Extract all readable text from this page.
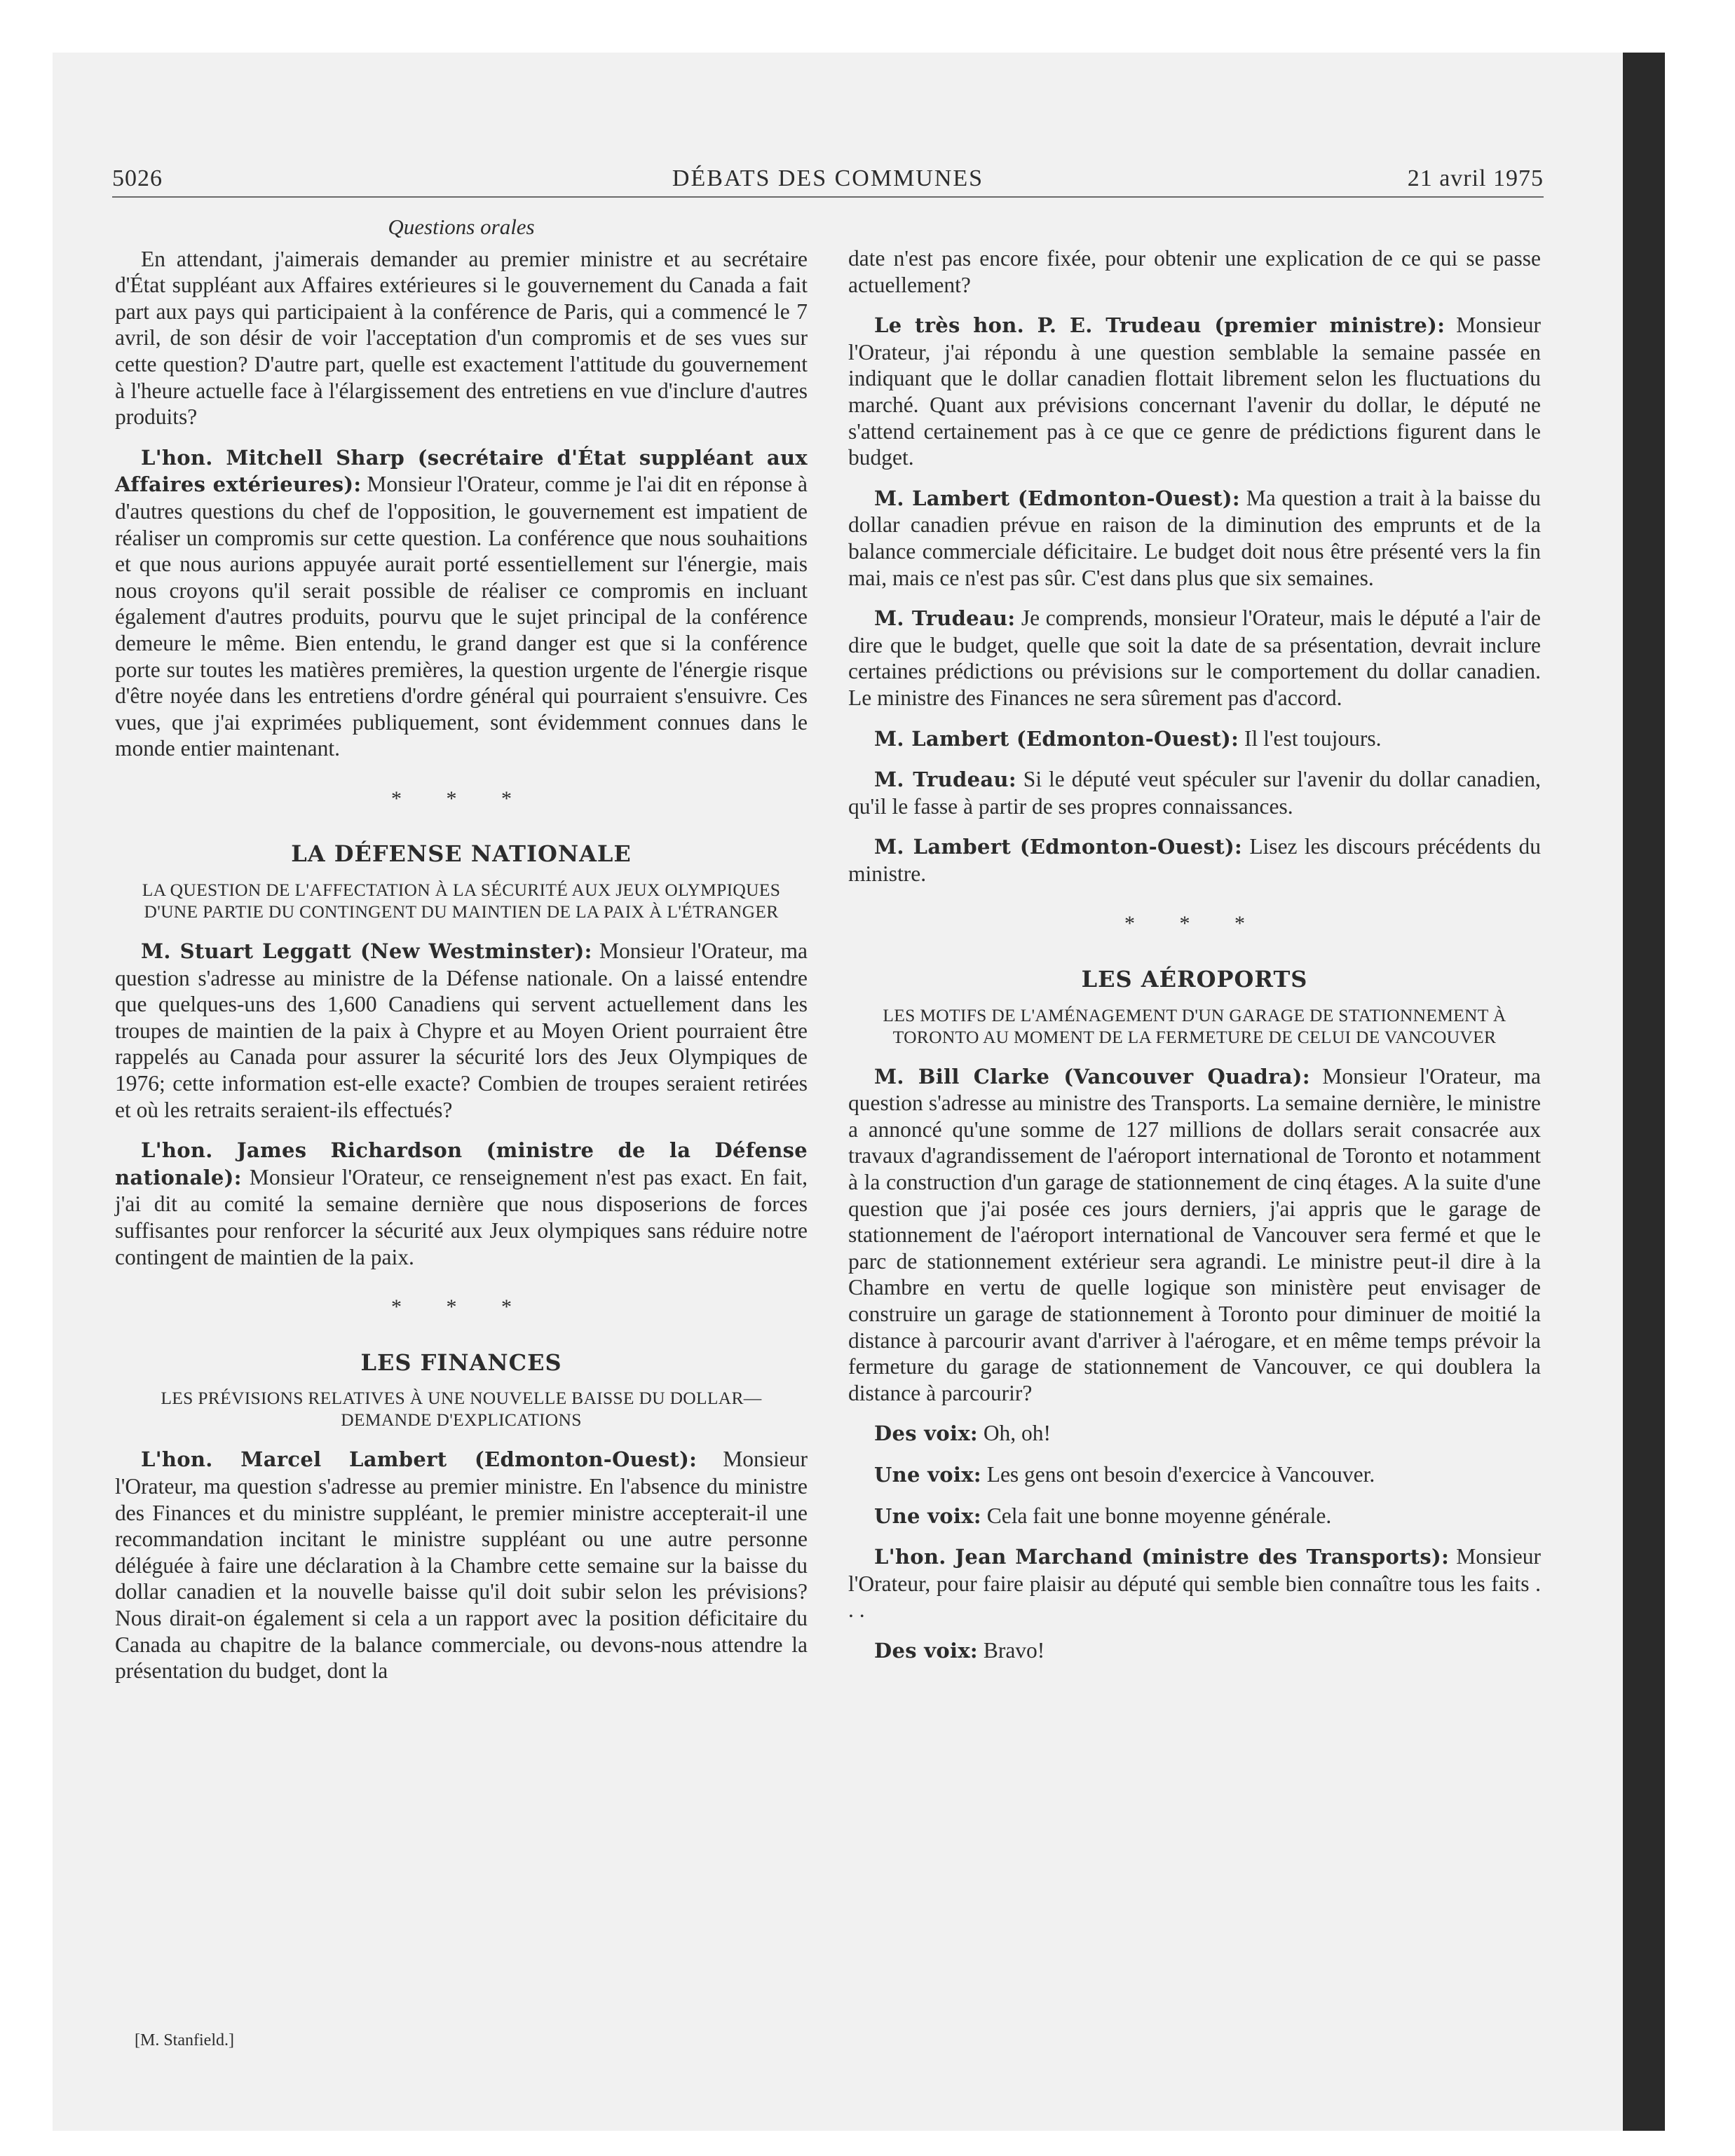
5026	DÉBATS DES COMMUNES	21 avril 1975
Questions orales

En attendant, j'aimerais demander au premier ministre et au secrétaire d'État suppléant aux Affaires extérieures si le gouvernement du Canada a fait part aux pays qui participaient à la conférence de Paris, qui a commencé le 7 avril, de son désir de voir l'acceptation d'un compromis et de ses vues sur cette question? D'autre part, quelle est exactement l'attitude du gouvernement à l'heure actuelle face à l'élargissement des entretiens en vue d'inclure d'autres produits?

L'hon. Mitchell Sharp (secrétaire d'État suppléant aux Affaires extérieures): Monsieur l'Orateur, comme je l'ai dit en réponse à d'autres questions du chef de l'opposition, le gouvernement est impatient de réaliser un compromis sur cette question. La conférence que nous souhaitions et que nous aurions appuyée aurait porté essentiellement sur l'énergie, mais nous croyons qu'il serait possible de réaliser ce compromis en incluant également d'autres produits, pourvu que le sujet principal de la conférence demeure le même. Bien entendu, le grand danger est que si la conférence porte sur toutes les matières premières, la question urgente de l'énergie risque d'être noyée dans les entretiens d'ordre général qui pourraient s'ensuivre. Ces vues, que j'ai exprimées publiquement, sont évidemment connues dans le monde entier maintenant.

* * *
LA DÉFENSE NATIONALE
LA QUESTION DE L'AFFECTATION À LA SÉCURITÉ AUX JEUX OLYMPIQUES D'UNE PARTIE DU CONTINGENT DU MAINTIEN DE LA PAIX À L'ÉTRANGER

M. Stuart Leggatt (New Westminster): Monsieur l'Orateur, ma question s'adresse au ministre de la Défense nationale. On a laissé entendre que quelques-uns des 1,600 Canadiens qui servent actuellement dans les troupes de maintien de la paix à Chypre et au Moyen Orient pourraient être rappelés au Canada pour assurer la sécurité lors des Jeux Olympiques de 1976; cette information est-elle exacte? Combien de troupes seraient retirées et où les retraits seraient-ils effectués?

L'hon. James Richardson (ministre de la Défense nationale): Monsieur l'Orateur, ce renseignement n'est pas exact. En fait, j'ai dit au comité la semaine dernière que nous disposerions de forces suffisantes pour renforcer la sécurité aux Jeux olympiques sans réduire notre contingent de maintien de la paix.

* * *
LES FINANCES
LES PRÉVISIONS RELATIVES À UNE NOUVELLE BAISSE DU DOLLAR—DEMANDE D'EXPLICATIONS

L'hon. Marcel Lambert (Edmonton-Ouest): Monsieur l'Orateur, ma question s'adresse au premier ministre. En l'absence du ministre des Finances et du ministre suppléant, le premier ministre accepterait-il une recommandation incitant le ministre suppléant ou une autre personne déléguée à faire une déclaration à la Chambre cette semaine sur la baisse du dollar canadien et la nouvelle baisse qu'il doit subir selon les prévisions? Nous dirait-on également si cela a un rapport avec la position déficitaire du Canada au chapitre de la balance commerciale, ou devons-nous attendre la présentation du budget, dont la

[M. Stanfield.]

date n'est pas encore fixée, pour obtenir une explication de ce qui se passe actuellement?

Le très hon. P. E. Trudeau (premier ministre): Monsieur l'Orateur, j'ai répondu à une question semblable la semaine passée en indiquant que le dollar canadien flottait librement selon les fluctuations du marché. Quant aux prévisions concernant l'avenir du dollar, le député ne s'attend certainement pas à ce que ce genre de prédictions figurent dans le budget.

M. Lambert (Edmonton-Ouest): Ma question a trait à la baisse du dollar canadien prévue en raison de la diminution des emprunts et de la balance commerciale déficitaire. Le budget doit nous être présenté vers la fin mai, mais ce n'est pas sûr. C'est dans plus que six semaines.

M. Trudeau: Je comprends, monsieur l'Orateur, mais le député a l'air de dire que le budget, quelle que soit la date de sa présentation, devrait inclure certaines prédictions ou prévisions sur le comportement du dollar canadien. Le ministre des Finances ne sera sûrement pas d'accord.

M. Lambert (Edmonton-Ouest): Il l'est toujours.

M. Trudeau: Si le député veut spéculer sur l'avenir du dollar canadien, qu'il le fasse à partir de ses propres connaissances.

M. Lambert (Edmonton-Ouest): Lisez les discours précédents du ministre.

* * *
LES AÉROPORTS
LES MOTIFS DE L'AMÉNAGEMENT D'UN GARAGE DE STATIONNEMENT À TORONTO AU MOMENT DE LA FERMETURE DE CELUI DE VANCOUVER

M. Bill Clarke (Vancouver Quadra): Monsieur l'Orateur, ma question s'adresse au ministre des Transports. La semaine dernière, le ministre a annoncé qu'une somme de 127 millions de dollars serait consacrée aux travaux d'agrandissement de l'aéroport international de Toronto et notamment à la construction d'un garage de stationnement de cinq étages. A la suite d'une question que j'ai posée ces jours derniers, j'ai appris que le garage de stationnement de l'aéroport international de Vancouver sera fermé et que le parc de stationnement extérieur sera agrandi. Le ministre peut-il dire à la Chambre en vertu de quelle logique son ministère peut envisager de construire un garage de stationnement à Toronto pour diminuer de moitié la distance à parcourir avant d'arriver à l'aérogare, et en même temps prévoir la fermeture du garage de stationnement de Vancouver, ce qui doublera la distance à parcourir?

Des voix: Oh, oh!

Une voix: Les gens ont besoin d'exercice à Vancouver.

Une voix: Cela fait une bonne moyenne générale.

L'hon. Jean Marchand (ministre des Transports): Monsieur l'Orateur, pour faire plaisir au député qui semble bien connaître tous les faits . . .

Des voix: Bravo!
